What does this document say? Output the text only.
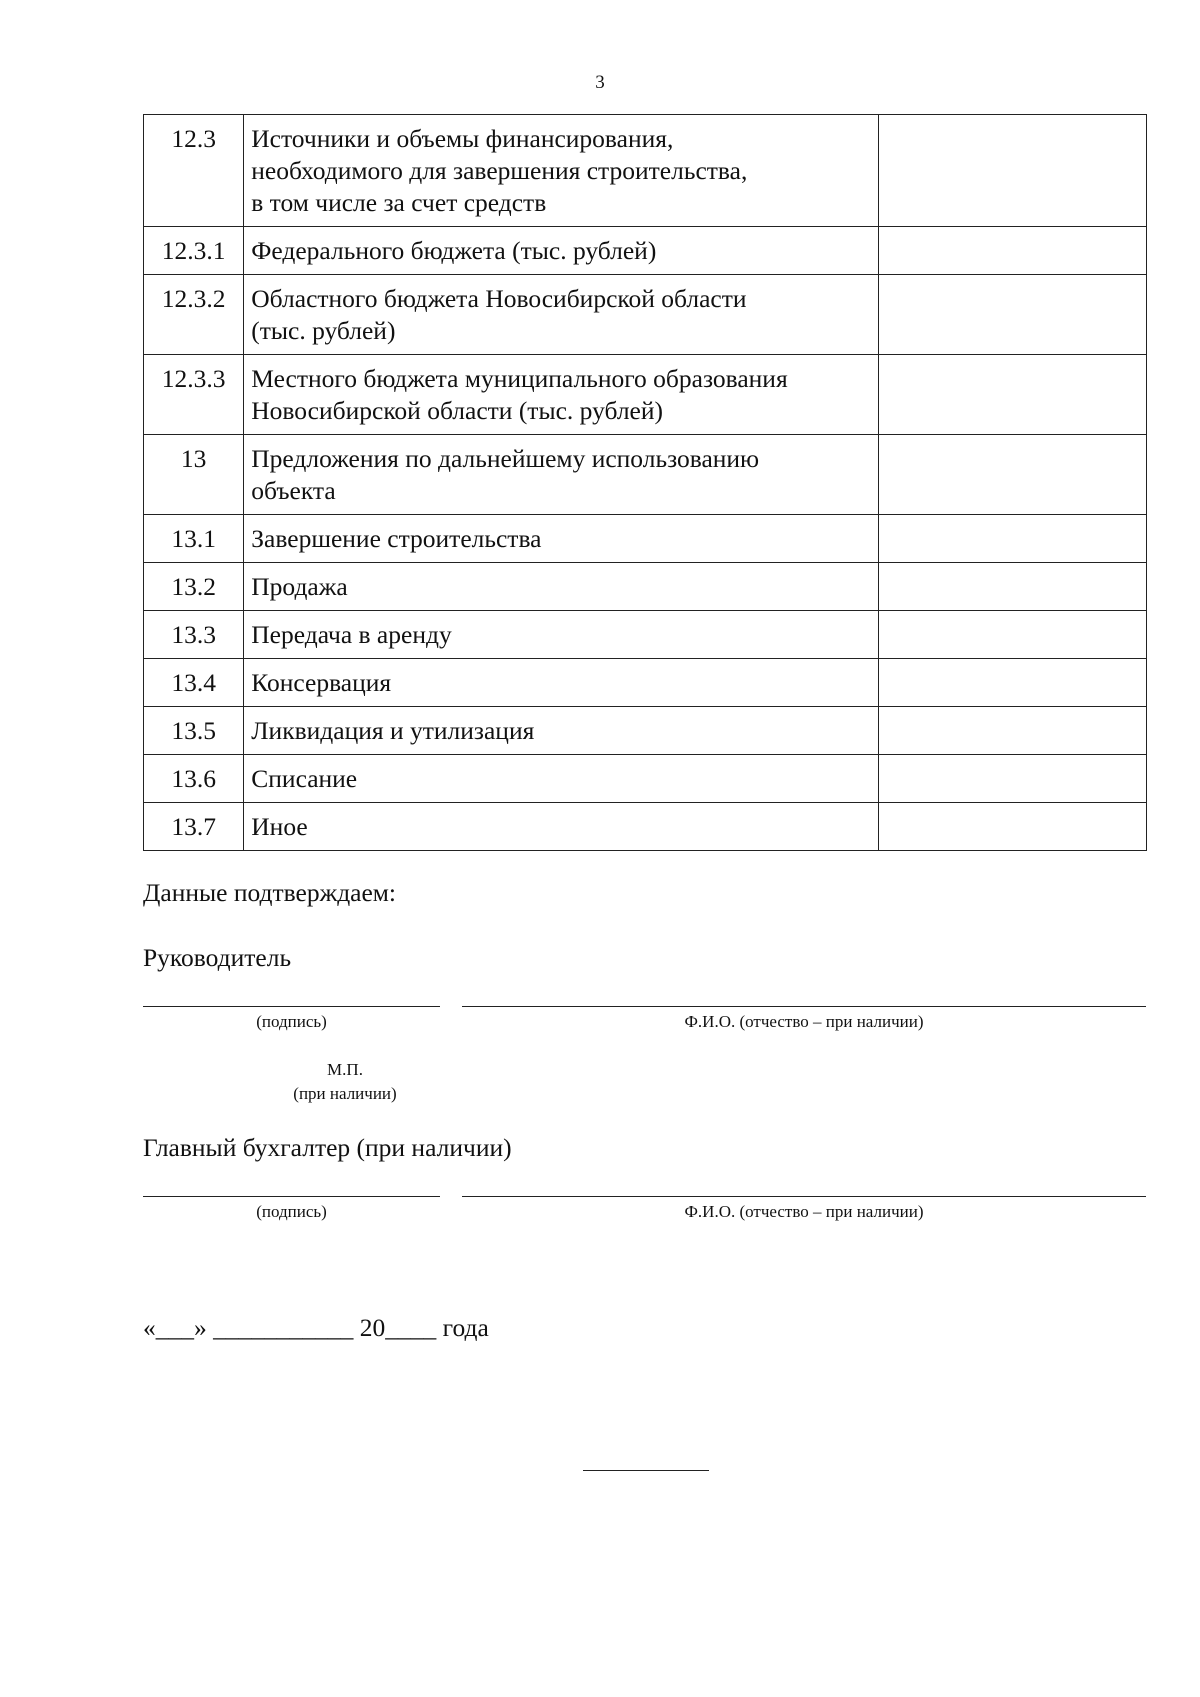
3
12.3	Источники и объемы финансирования,
необходимого для завершения строительства,
в том числе за счет средств	

12.3.1	Федерального бюджета (тыс. рублей)	

12.3.2	Областного бюджета Новосибирской области
(тыс. рублей)	

12.3.3	Местного бюджета муниципального образования
Новосибирской области (тыс. рублей)	

13	Предложения по дальнейшему использованию
объекта	

13.1	Завершение строительства	

13.2	Продажа	

13.3	Передача в аренду	

13.4	Консервация	

13.5	Ликвидация и утилизация	

13.6	Списание	

13.7	Иное	

Данные подтверждаем:
Руководитель
(подпись)	Ф.И.О. (отчество – при наличии)
М.П.
(при наличии)
Главный бухгалтер (при наличии)
(подпись)	Ф.И.О. (отчество – при наличии)
«___» ___________ 20____ года
